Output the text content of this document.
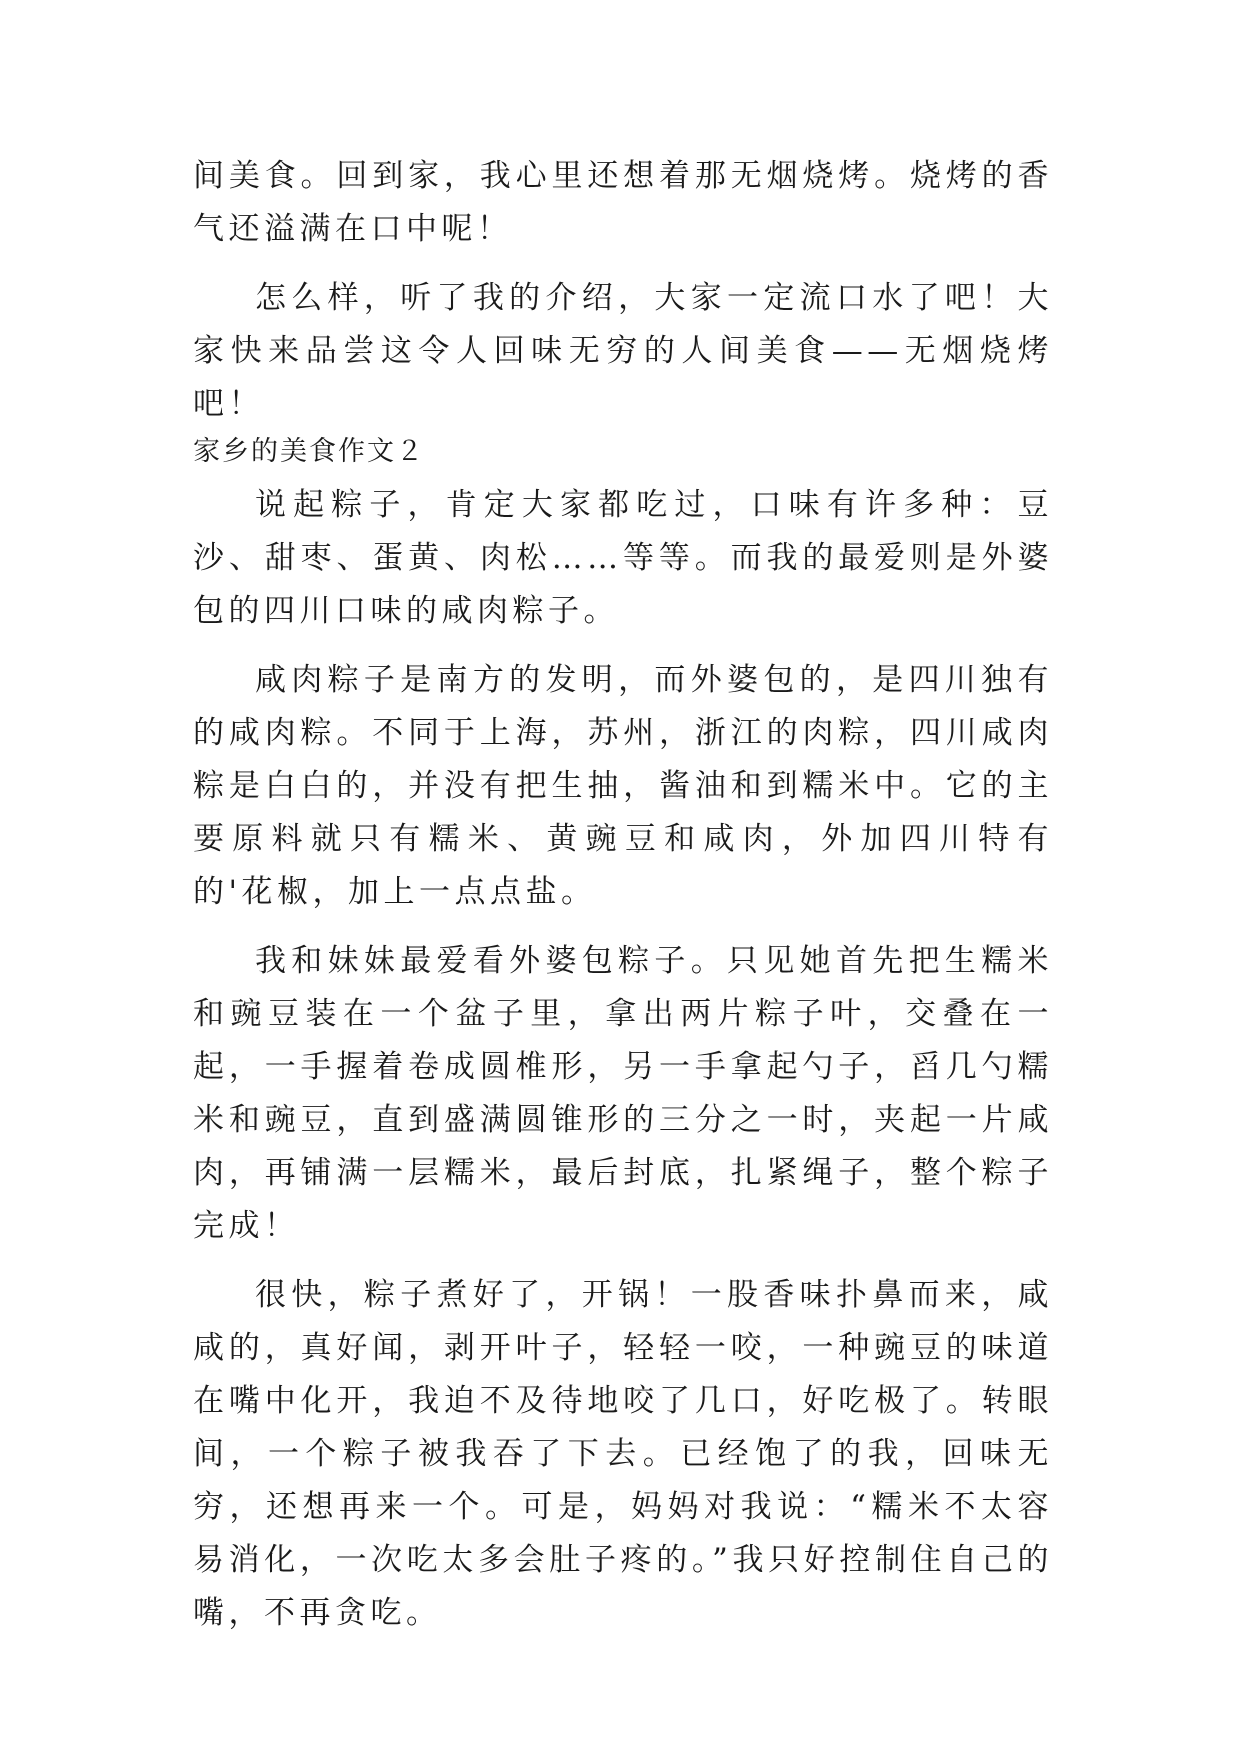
间美食。回到家，我心里还想着那无烟烧烤。烧烤的香气还溢满在口中呢！

怎么样，听了我的介绍，大家一定流口水了吧！大家快来品尝这令人回味无穷的人间美食——无烟烧烤吧！

家乡的美食作文２

说起粽子，肯定大家都吃过，口味有许多种：豆沙、甜枣、蛋黄、肉松……等等。而我的最爱则是外婆包的四川口味的咸肉粽子。

咸肉粽子是南方的发明，而外婆包的，是四川独有的咸肉粽。不同于上海，苏州，浙江的肉粽，四川咸肉粽是白白的，并没有把生抽，酱油和到糯米中。它的主要原料就只有糯米、黄豌豆和咸肉，外加四川特有的'花椒，加上一点点盐。

我和妹妹最爱看外婆包粽子。只见她首先把生糯米和豌豆装在一个盆子里，拿出两片粽子叶，交叠在一起，一手握着卷成圆椎形，另一手拿起勺子，舀几勺糯米和豌豆，直到盛满圆锥形的三分之一时，夹起一片咸肉，再铺满一层糯米，最后封底，扎紧绳子，整个粽子完成！

很快，粽子煮好了，开锅！一股香味扑鼻而来，咸咸的，真好闻，剥开叶子，轻轻一咬，一种豌豆的味道在嘴中化开，我迫不及待地咬了几口，好吃极了。转眼间，一个粽子被我吞了下去。已经饱了的我，回味无穷，还想再来一个。可是，妈妈对我说：“糯米不太容易消化，一次吃太多会肚子疼的。”我只好控制住自己的嘴，不再贪吃。
